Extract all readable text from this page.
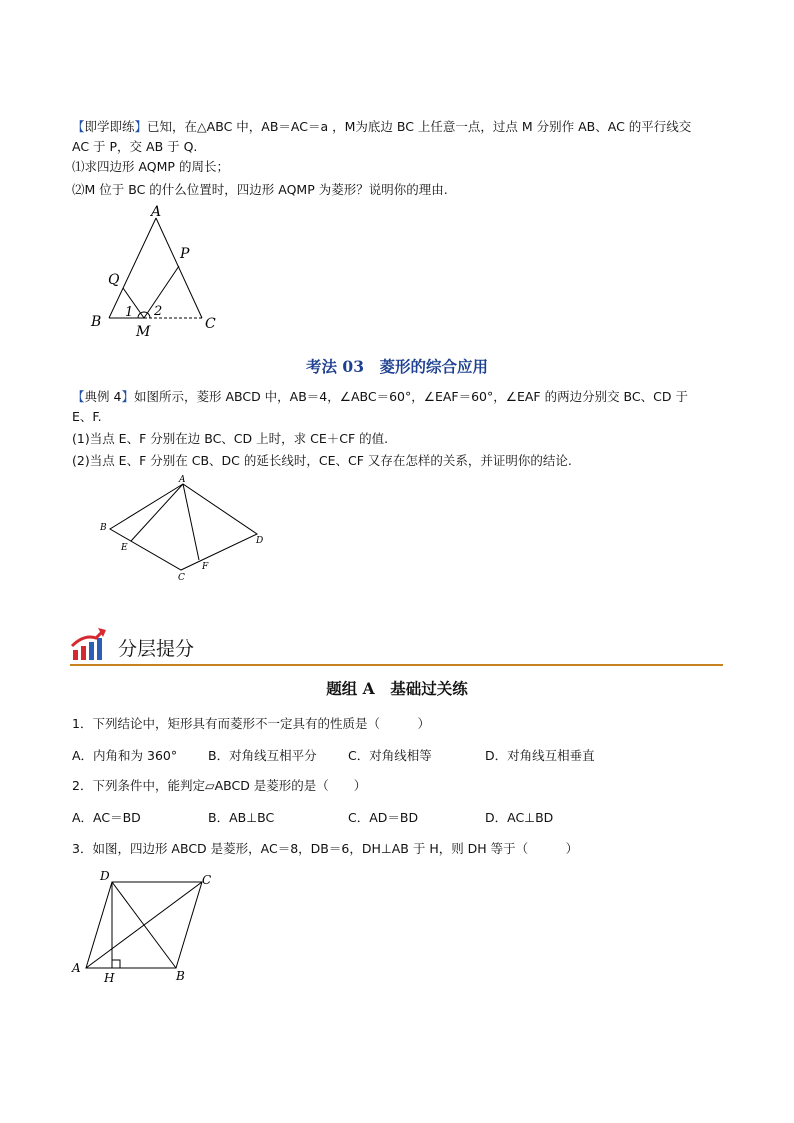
【即学即练】已知，在△ABC 中，AB＝AC＝a ，M为底边 BC 上任意一点，过点 M 分别作 AB、AC 的平行线交
AC 于 P，交 AB 于 Q.
⑴求四边形 AQMP 的周长；
⑵M 位于 BC 的什么位置时，四边形 AQMP 为菱形？说明你的理由.
A
P
Q
B	C
M
1 2
考法 03　菱形的综合应用
【典例 4】如图所示，菱形 ABCD 中，AB＝4，∠ABC＝60°，∠EAF＝60°，∠EAF 的两边分别交 BC、CD 于
E、F.
(1)当点 E、F 分别在边 BC、CD 上时，求 CE＋CF 的值.
(2)当点 E、F 分别在 CB、DC 的延长线时，CE、CF 又存在怎样的关系，并证明你的结论.
A
B
C
D
E
F
分层提分
题组 A　基础过关练
1．下列结论中，矩形具有而菱形不一定具有的性质是（　　　）
A．内角和为 360° B．对角线互相平分	C．对角线相等	D．对角线互相垂直
2．下列条件中，能判定▱ABCD 是菱形的是（　　）
A．AC＝BD	B．AB⊥BC	C．AD＝BD	D．AC⊥BD
3．如图，四边形 ABCD 是菱形，AC＝8，DB＝6，DH⊥AB 于 H，则 DH 等于（　　　）
D	C
A
B
H
